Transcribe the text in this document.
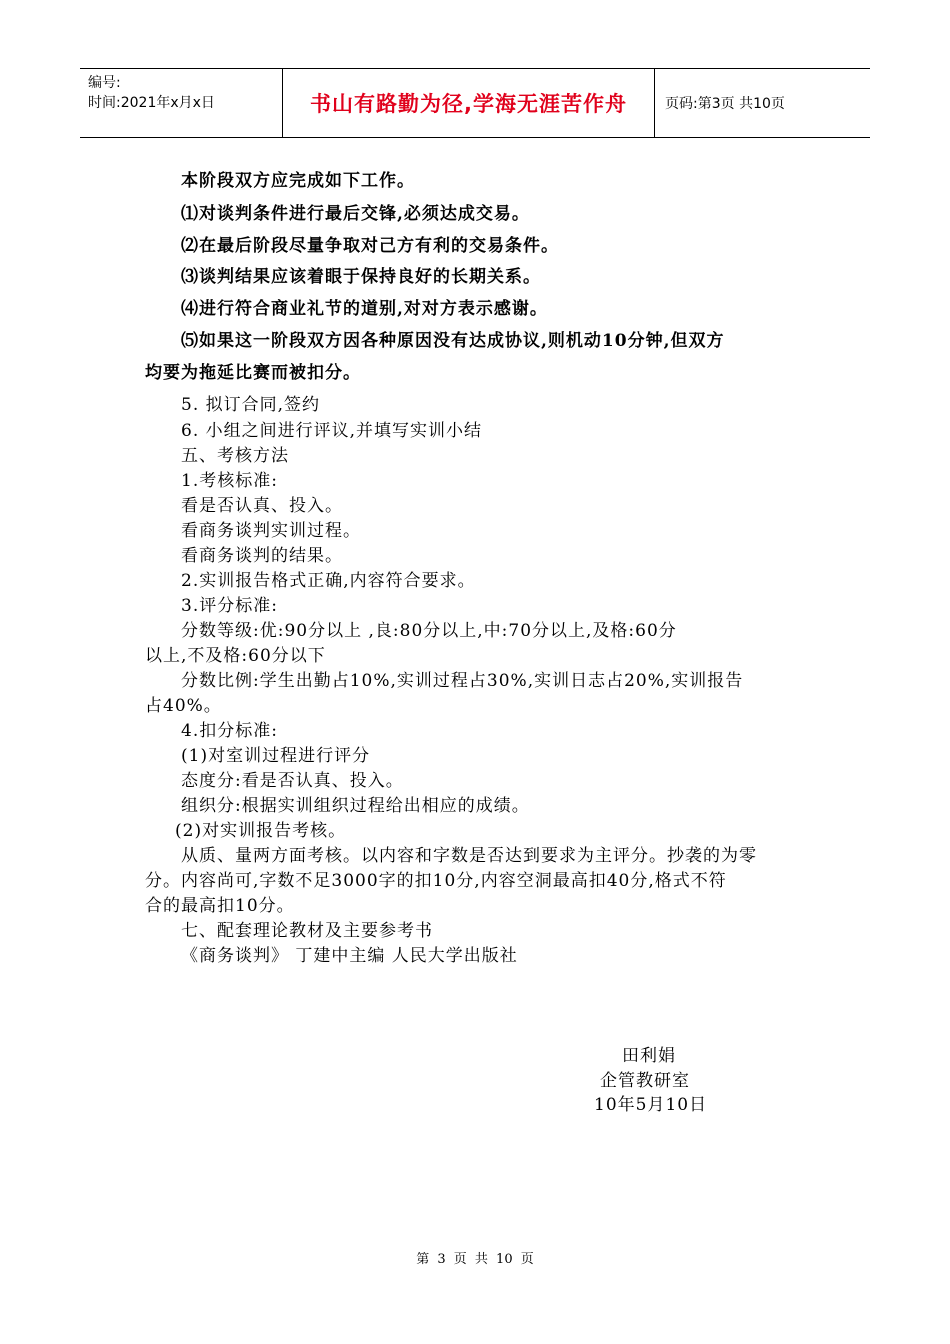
编号:
时间:2021年x月x日	书山有路勤为径,学海无涯苦作舟	页码:第3页 共10页
本阶段双方应完成如下工作。
⑴对谈判条件进行最后交锋,必须达成交易。
⑵在最后阶段尽量争取对己方有利的交易条件。
⑶谈判结果应该着眼于保持良好的长期关系。
⑷进行符合商业礼节的道别,对对方表示感谢。
⑸如果这一阶段双方因各种原因没有达成协议,则机动10分钟,但双方
均要为拖延比赛而被扣分。
5. 拟订合同,签约
6. 小组之间进行评议,并填写实训小结
五、考核方法
1.考核标准:
看是否认真、投入。
看商务谈判实训过程。
看商务谈判的结果。
2.实训报告格式正确,内容符合要求。
3.评分标准:
分数等级:优:90分以上 ,良:80分以上,中:70分以上,及格:60分
以上,不及格:60分以下
分数比例:学生出勤占10%,实训过程占30%,实训日志占20%,实训报告
占40%。
4.扣分标准:
(1)对室训过程进行评分
态度分:看是否认真、投入。
组织分:根据实训组织过程给出相应的成绩。
(2)对实训报告考核。
从质、量两方面考核。以内容和字数是否达到要求为主评分。抄袭的为零
分。内容尚可,字数不足3000字的扣10分,内容空洞最高扣40分,格式不符
合的最高扣10分。
七、配套理论教材及主要参考书
《商务谈判》 丁建中主编 人民大学出版社
田利娟
企管教研室
10年5月10日
第 3 页 共 10 页
